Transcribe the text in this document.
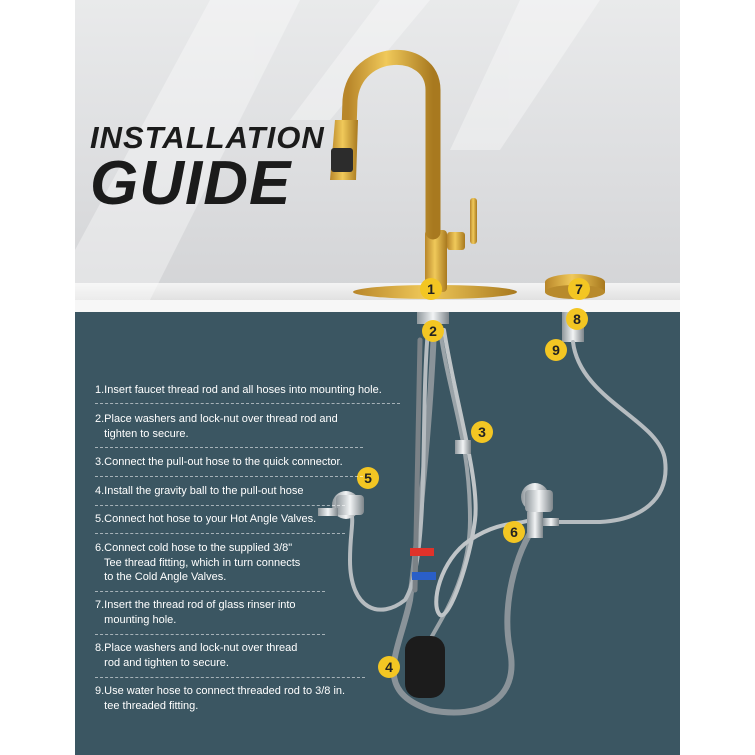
INSTALLATION
GUIDE
1
2
3
4
5
6
7
8
9
1.Insert faucet thread rod and all hoses into mounting hole.
2.Place washers and lock-nut over thread rod and
tighten to secure.
3.Connect the pull-out hose to the quick connector.
4.Install the gravity ball to the pull-out hose
5.Connect hot hose to your Hot Angle Valves.
6.Connect cold hose to the supplied 3/8"
Tee thread fitting, which in turn connects
to the Cold Angle Valves.
7.Insert the thread rod of glass rinser into
mounting hole.
8.Place washers and lock-nut over thread
rod and tighten to secure.
9.Use water hose to connect threaded rod to 3/8 in.
tee threaded fitting.
